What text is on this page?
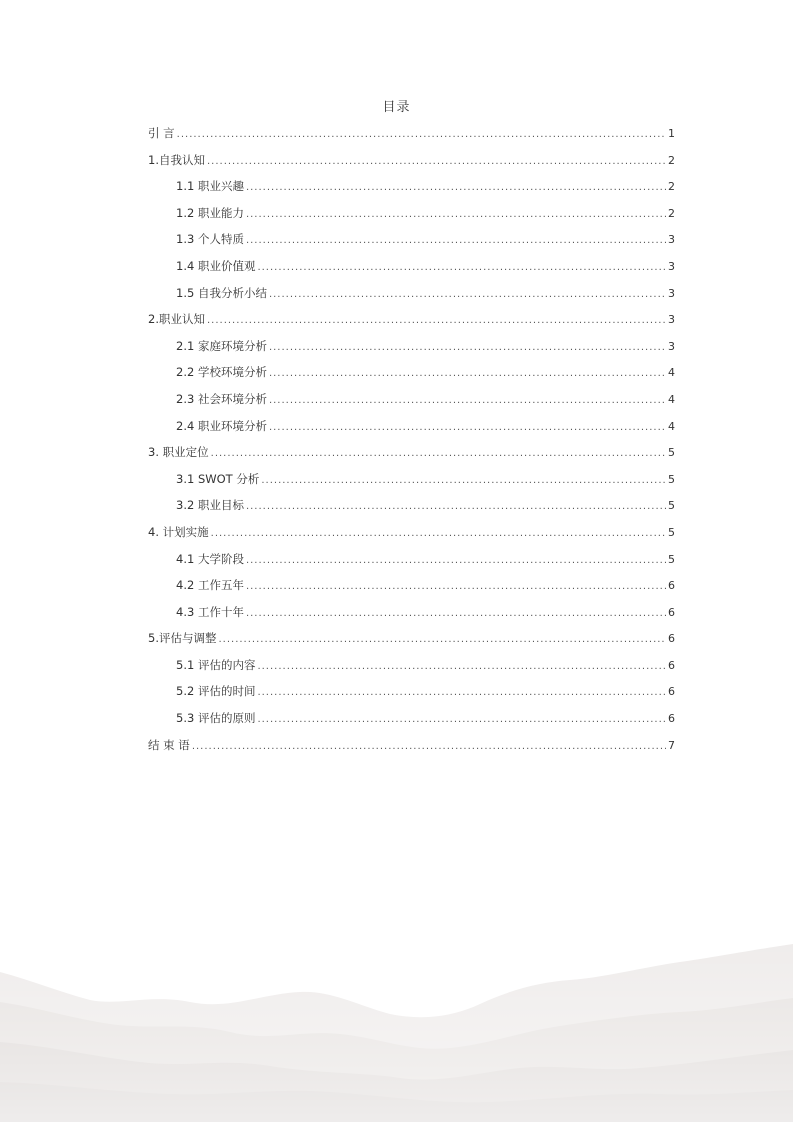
目录
引 言 .....	1
1.自我认知 .....	2
1.1 职业兴趣 .....	2
1.2 职业能力 .....	2
1.3 个人特质 .....	3
1.4 职业价值观 .....	3
1.5 自我分析小结 .....	3
2.职业认知 .....	3
2.1 家庭环境分析 .....	3
2.2 学校环境分析 .....	4
2.3 社会环境分析 .....	4
2.4 职业环境分析 .....	4
3. 职业定位 .....	5
3.1 SWOT 分析 .....	5
3.2 职业目标 .....	5
4. 计划实施 .....	5
4.1 大学阶段 .....	5
4.2 工作五年 .....	6
4.3 工作十年 .....	6
5.评估与调整 .....	6
5.1 评估的内容 .....	6
5.2 评估的时间 .....	6
5.3 评估的原则 .....	6
结 束 语 .....	7
